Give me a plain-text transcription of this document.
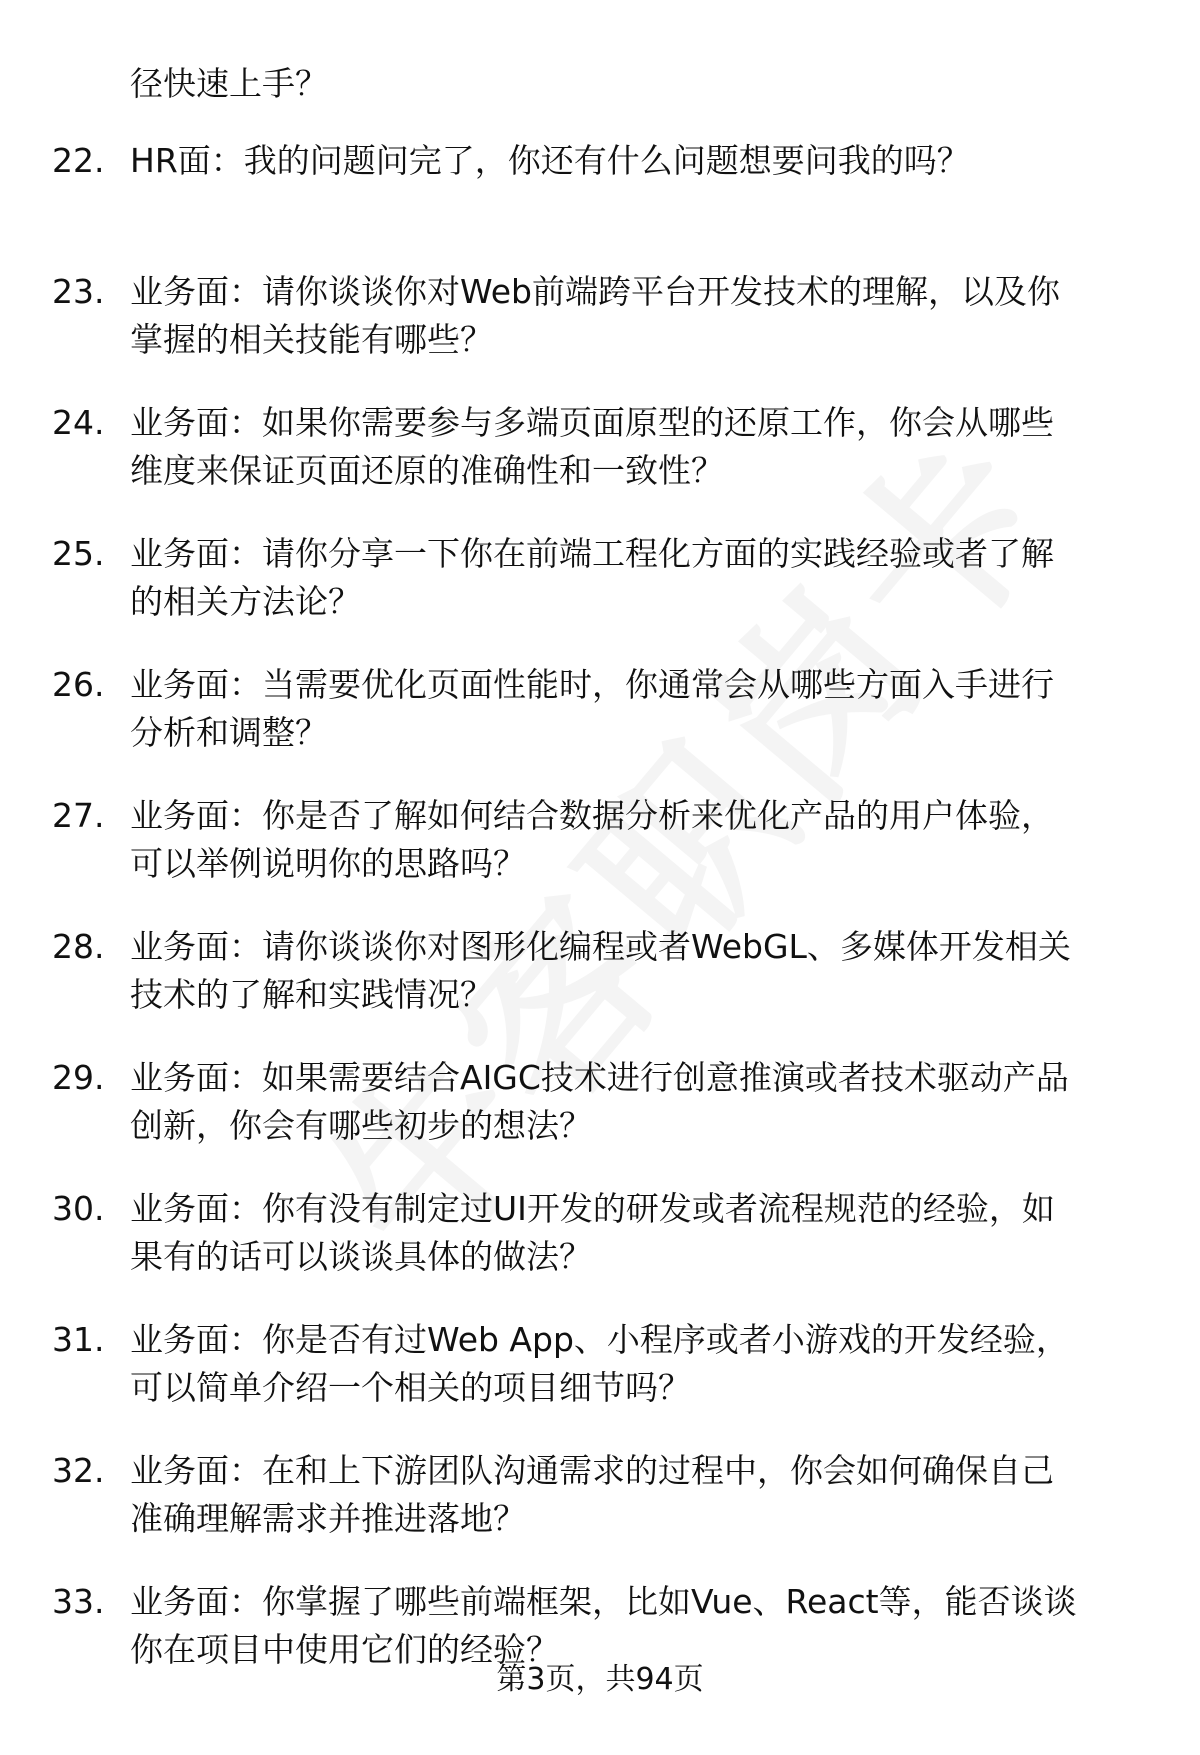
径快速上手？
22. HR面：我的问题问完了，你还有什么问题想要问我的吗？
23. 业务面：请你谈谈你对Web前端跨平台开发技术的理解，以及你
掌握的相关技能有哪些？
24. 业务面：如果你需要参与多端页面原型的还原工作，你会从哪些
维度来保证页面还原的准确性和一致性？
25. 业务面：请你分享一下你在前端工程化方面的实践经验或者了解
的相关方法论？
26. 业务面：当需要优化页面性能时，你通常会从哪些方面入手进行
分析和调整？
27. 业务面：你是否了解如何结合数据分析来优化产品的用户体验，
可以举例说明你的思路吗？
28. 业务面：请你谈谈你对图形化编程或者WebGL、多媒体开发相关
技术的了解和实践情况？
29. 业务面：如果需要结合AIGC技术进行创意推演或者技术驱动产品
创新，你会有哪些初步的想法？
30. 业务面：你有没有制定过UI开发的研发或者流程规范的经验，如
果有的话可以谈谈具体的做法？
31. 业务面：你是否有过Web App、小程序或者小游戏的开发经验，
可以简单介绍一个相关的项目细节吗？
32. 业务面：在和上下游团队沟通需求的过程中，你会如何确保自己
准确理解需求并推进落地？
33. 业务面：你掌握了哪些前端框架，比如Vue、React等，能否谈谈
你在项目中使用它们的经验？
第3页，共94页
